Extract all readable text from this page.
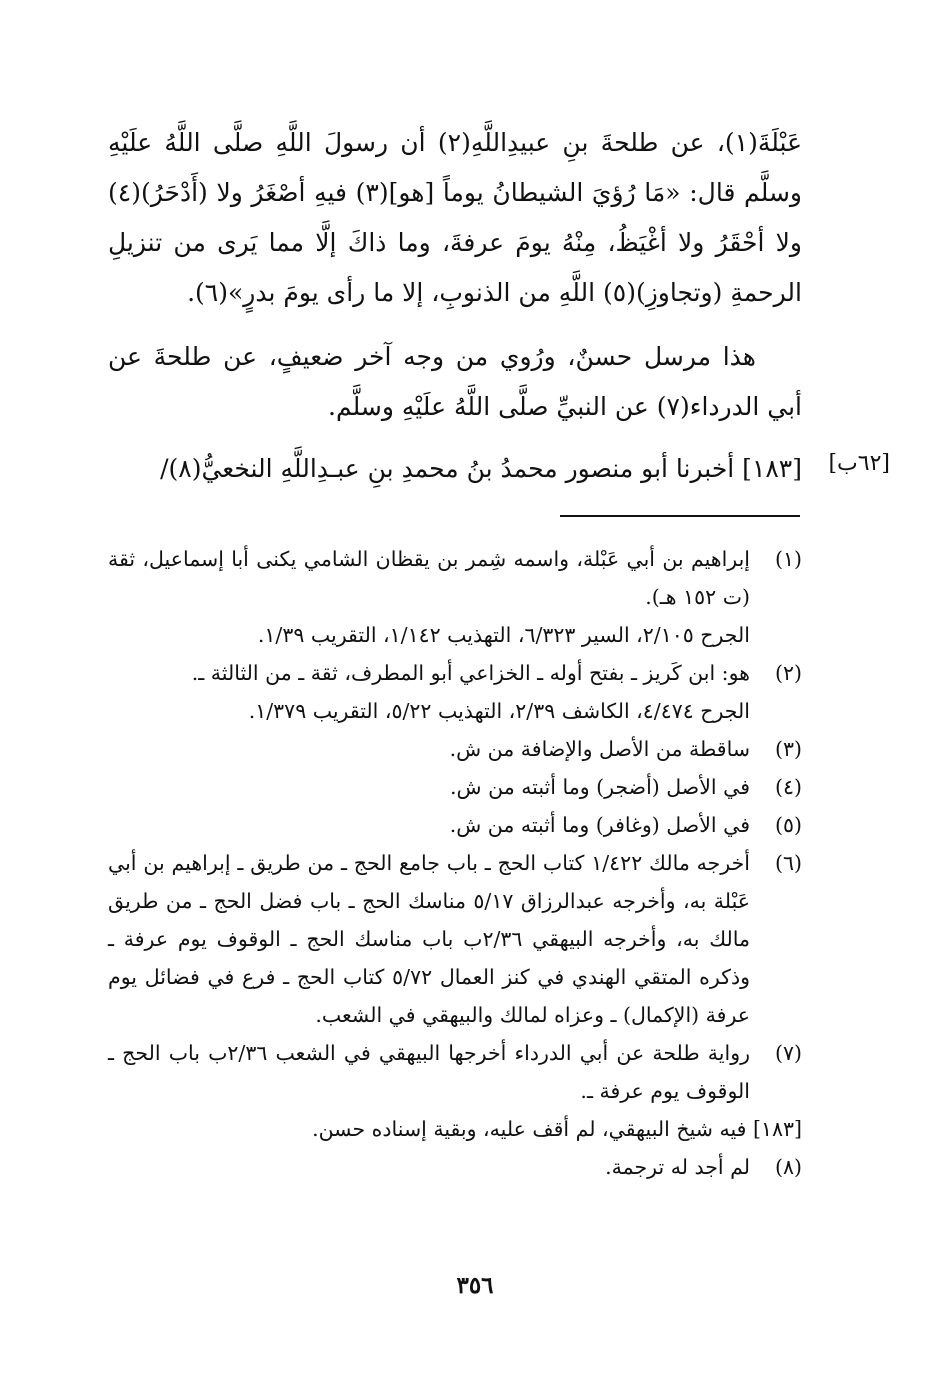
عَبْلَةَ(١)، عن طلحةَ بنِ عبيدِاللَّهِ(٢) أن رسولَ اللَّهِ صلَّى اللَّهُ علَيْهِ وسلَّم قال: «مَا رُؤيَ الشيطانُ يوماً [هو](٣) فيهِ أصْغَرُ ولا (أَدْحَرُ)(٤) ولا أحْقَرُ ولا أغْيَظُ، مِنْهُ يومَ عرفةَ، وما ذاكَ إلَّا مما يَرى من تنزيلِ الرحمةِ (وتجاوزِ)(٥) اللَّهِ من الذنوبِ، إلا ما رأى يومَ بدرٍ»(٦).

هذا مرسل حسنٌ، ورُوي من وجه آخر ضعيفٍ، عن طلحةَ عن أبي الدرداء(٧) عن النبيِّ صلَّى اللَّهُ علَيْهِ وسلَّم.

[١٨٣] أخبرنا أبو منصور محمدُ بنُ محمدِ بنِ عبـدِاللَّهِ النخعيُّ(٨)/	[٦٢ب]
(١)
إبراهيم بن أبي عَبْلة، واسمه شِمر بن يقظان الشامي يكنى أبا إسماعيل، ثقة (ت ١٥٢ هـ).
الجرح ٢/١٠٥، السير ٦/٣٢٣، التهذيب ١/١٤٢، التقريب ١/٣٩.
(٢)
هو: ابن كَريز ـ بفتح أوله ـ الخزاعي أبو المطرف، ثقة ـ من الثالثة ـ.
الجرح ٤/٤٧٤، الكاشف ٢/٣٩، التهذيب ٥/٢٢، التقريب ١/٣٧٩.
(٣)
ساقطة من الأصل والإضافة من ش.
(٤)
في الأصل (أضجر) وما أثبته من ش.
(٥)
في الأصل (وغافر) وما أثبته من ش.
(٦)
أخرجه مالك ١/٤٢٢ كتاب الحج ـ باب جامع الحج ـ من طريق ـ إبراهيم بن أبي عَبْلة به، وأخرجه عبدالرزاق ٥/١٧ مناسك الحج ـ باب فضل الحج ـ من طريق مالك به، وأخرجه البيهقي ٢/٣٦ب باب مناسك الحج ـ الوقوف يوم عرفة ـ وذكره المتقي الهندي في كنز العمال ٥/٧٢ كتاب الحج ـ فرع في فضائل يوم عرفة (الإكمال) ـ وعزاه لمالك والبيهقي في الشعب.
(٧)
رواية طلحة عن أبي الدرداء أخرجها البيهقي في الشعب ٢/٣٦ب باب الحج ـ الوقوف يوم عرفة ـ.
[١٨٣] فيه شيخ البيهقي، لم أقف عليه، وبقية إسناده حسن.
(٨)
لم أجد له ترجمة.
٣٥٦
